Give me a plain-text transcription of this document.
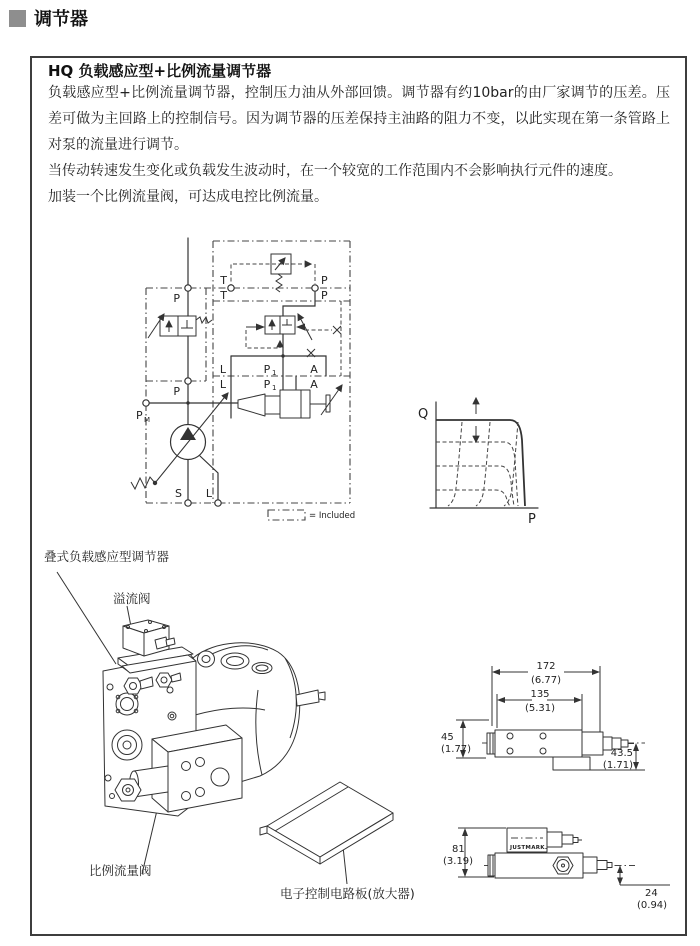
调节器
HQ 负载感应型+比例流量调节器

负载感应型+比例流量调节器，控制压力油从外部回馈。调节器有约10bar的由厂家调节的压差。压差可做为主回路上的控制信号。因为调节器的压差保持主油路的阻力不变，以此实现在第一条管路上对泵的流量进行调节。

当传动转速发生变化或负载发生波动时，在一个较宽的工作范围内不会影响执行元件的速度。

加装一个比例流量阀，可达成电控比例流量。

P
T
T
P
P
P
L
L
P 1
P 1
A
A
P M
S L
= Included
Q
P
叠式负载感应型调节器
溢流阀
比例流量阀
电子控制电路板(放大器)
172
(6.77)
135
(5.31)
45
(1.77)	43.5
(1.71)
81
(3.19)
24
(0.94)
JUSTMARK.
